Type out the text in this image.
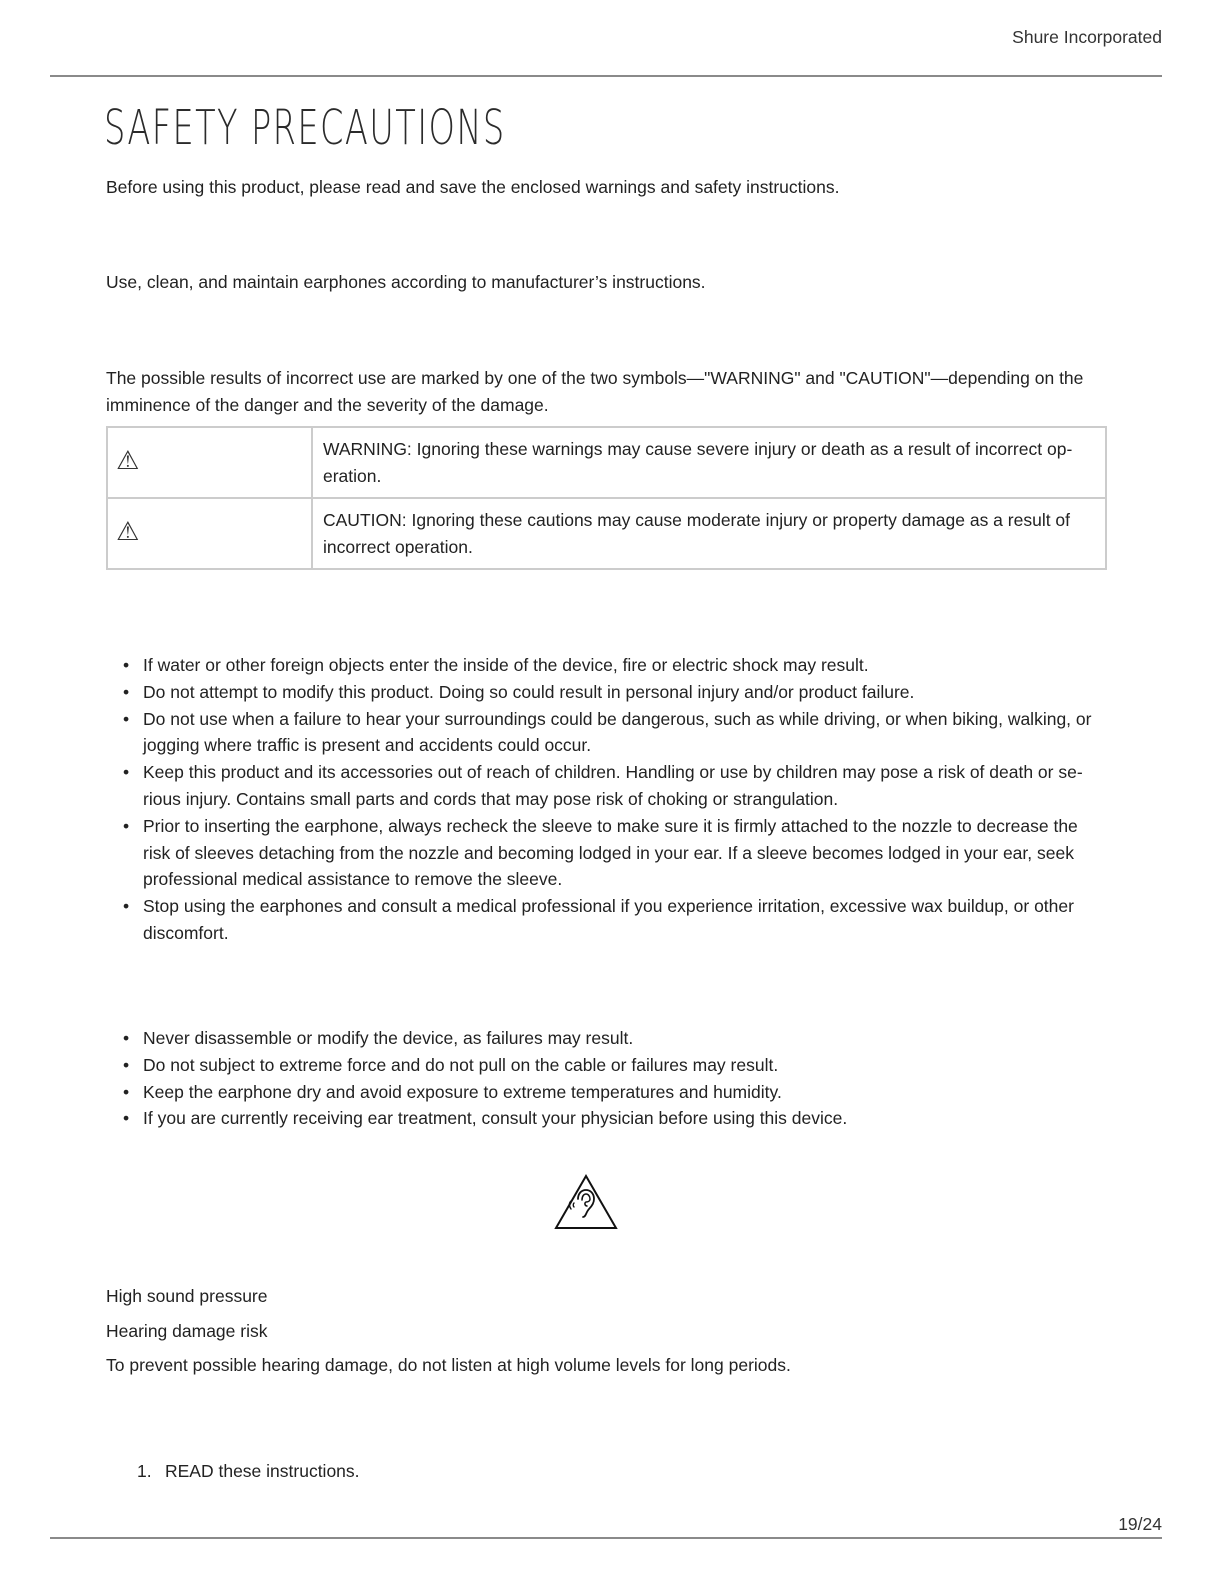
Shure Incorporated
SAFETY PRECAUTIONS

Before using this product, please read and save the enclosed warnings and safety instructions.

Use, clean, and maintain earphones according to manufacturer’s instructions.

The possible results of incorrect use are marked by one of the two symbols—"WARNING" and "CAUTION"—depending on the imminence of the danger and the severity of the damage.

⚠	WARNING: Ignoring these warnings may cause severe injury or death as a result of incorrect operation.
⚠	CAUTION: Ignoring these cautions may cause moderate injury or property damage as a result of incorrect operation.
• If water or other foreign objects enter the inside of the device, fire or electric shock may result.
• Do not attempt to modify this product. Doing so could result in personal injury and/or product failure.
• Do not use when a failure to hear your surroundings could be dangerous, such as while driving, or when biking, walking, or jogging where traffic is present and accidents could occur.
• Keep this product and its accessories out of reach of children. Handling or use by children may pose a risk of death or serious injury. Contains small parts and cords that may pose risk of choking or strangulation.
• Prior to inserting the earphone, always recheck the sleeve to make sure it is firmly attached to the nozzle to decrease the risk of sleeves detaching from the nozzle and becoming lodged in your ear. If a sleeve becomes lodged in your ear, seek professional medical assistance to remove the sleeve.
• Stop using the earphones and consult a medical professional if you experience irritation, excessive wax buildup, or other discomfort.
• Never disassemble or modify the device, as failures may result.
• Do not subject to extreme force and do not pull on the cable or failures may result.
• Keep the earphone dry and avoid exposure to extreme temperatures and humidity.
• If you are currently receiving ear treatment, consult your physician before using this device.

High sound pressure

Hearing damage risk

To prevent possible hearing damage, do not listen at high volume levels for long periods.

1. READ these instructions.
19/24
